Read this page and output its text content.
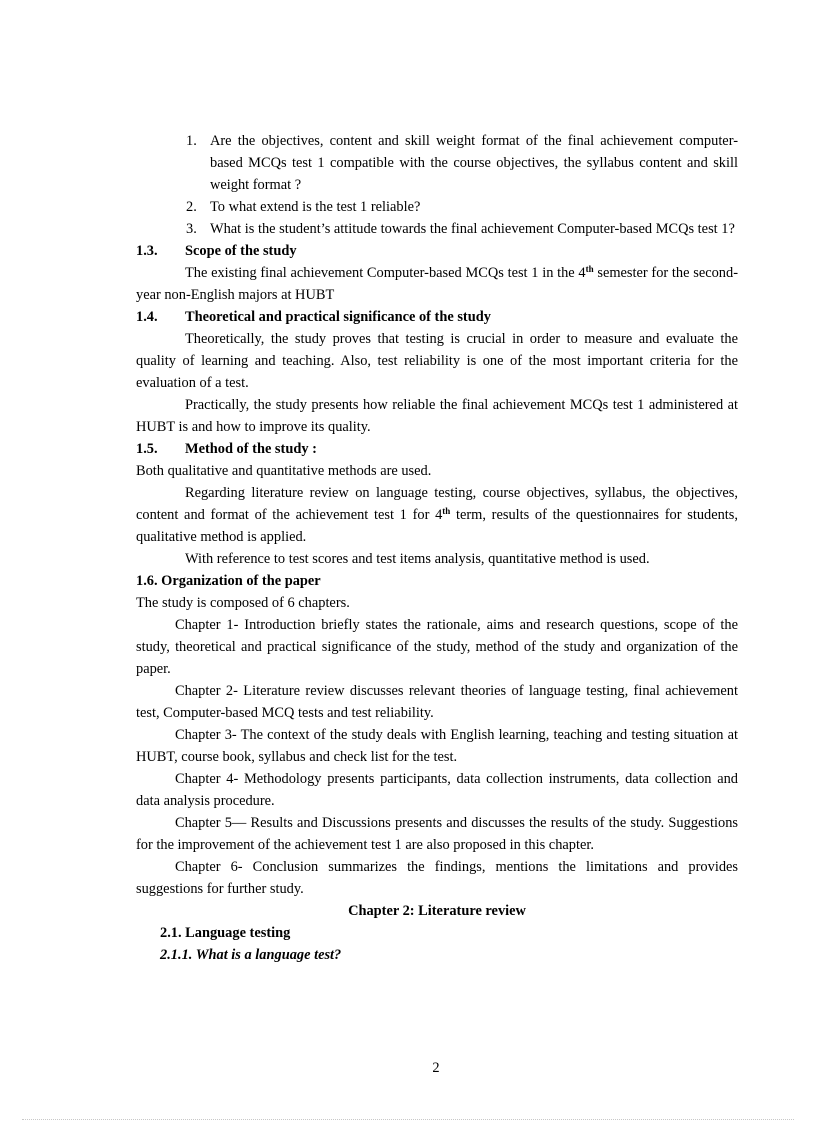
1. Are the objectives, content and skill weight format of the final achievement computer-based MCQs test 1 compatible with the course objectives, the syllabus content and skill weight format ?
2. To what extend is the test 1 reliable?
3. What is the student’s attitude towards the final achievement Computer-based MCQs test 1?

1.3. Scope of the study

The existing final achievement Computer-based MCQs test 1 in the 4th semester for the second-year non-English majors at HUBT

1.4. Theoretical and practical significance of the study

Theoretically, the study proves that testing is crucial in order to measure and evaluate the quality of learning and teaching. Also, test reliability is one of the most important criteria for the evaluation of a test.

Practically, the study presents how reliable the final achievement MCQs test 1 administered at HUBT is and how to improve its quality.

1.5. Method of the study :

Both qualitative and quantitative methods are used.

Regarding literature review on language testing, course objectives, syllabus, the objectives, content and format of the achievement test 1 for 4th term, results of the questionnaires for students, qualitative method is applied.

With reference to test scores and test items analysis, quantitative method is used.

1.6. Organization of the paper

The study is composed of 6 chapters.

Chapter 1- Introduction briefly states the rationale, aims and research questions, scope of the study, theoretical and practical significance of the study, method of the study and organization of the paper.

Chapter 2- Literature review discusses relevant theories of language testing, final achievement test, Computer-based MCQ tests and test reliability.

Chapter 3- The context of the study deals with English learning, teaching and testing situation at HUBT, course book, syllabus and check list for the test.

Chapter 4- Methodology presents participants, data collection instruments, data collection and data analysis procedure.

Chapter 5— Results and Discussions presents and discusses the results of the study. Suggestions for the improvement of the achievement test 1 are also proposed in this chapter.

Chapter 6- Conclusion summarizes the findings, mentions the limitations and provides suggestions for further study.

Chapter 2: Literature review

2.1. Language testing

2.1.1. What is a language test?

2
